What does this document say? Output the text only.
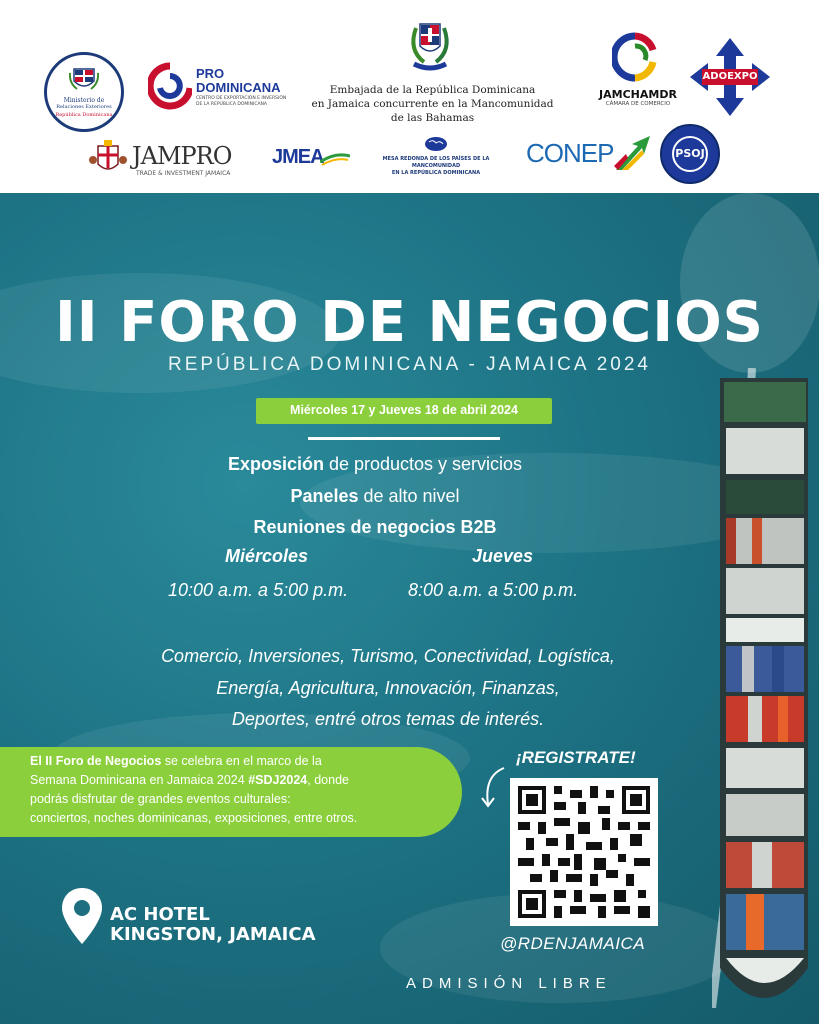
Ministerio de
Relaciones Exteriores
República Dominicana
PRO
DOMINICANA
CENTRO DE EXPORTACIÓN E INVERSIÓN
DE LA REPÚBLICA DOMINICANA
Embajada de la República Dominicana
en Jamaica concurrente en la Mancomunidad
de las Bahamas
JAMCHAMDR
CÁMARA DE COMERCIO
ADOEXPO
JAMPRO
TRADE & INVESTMENT JAMAICA
JMEA	MESA REDONDA DE LOS PAÍSES DE LA
MANCOMUNIDAD
EN LA REPÚBLICA DOMINICANA
CONEP	PSOJ
II FORO DE NEGOCIOS
REPÚBLICA DOMINICANA - JAMAICA 2024
Miércoles 17 y Jueves 18 de abril 2024
Exposición de productos y servicios
Paneles de alto nivel
Reuniones de negocios B2B
Miércoles	Jueves
10:00 a.m. a 5:00 p.m.	8:00 a.m. a 5:00 p.m.
Comercio, Inversiones, Turismo, Conectividad, Logística,
Energía, Agricultura, Innovación, Finanzas,
Deportes, entré otros temas de interés.
El II Foro de Negocios se celebra en el marco de la
Semana Dominicana en Jamaica 2024 #SDJ2024, donde
podrás disfrutar de grandes eventos culturales:
conciertos, noches dominicanas, exposiciones, entre otros.
¡REGISTRATE!
@RDENJAMAICA
AC HOTEL
KINGSTON, JAMAICA
ADMISIÓN LIBRE
